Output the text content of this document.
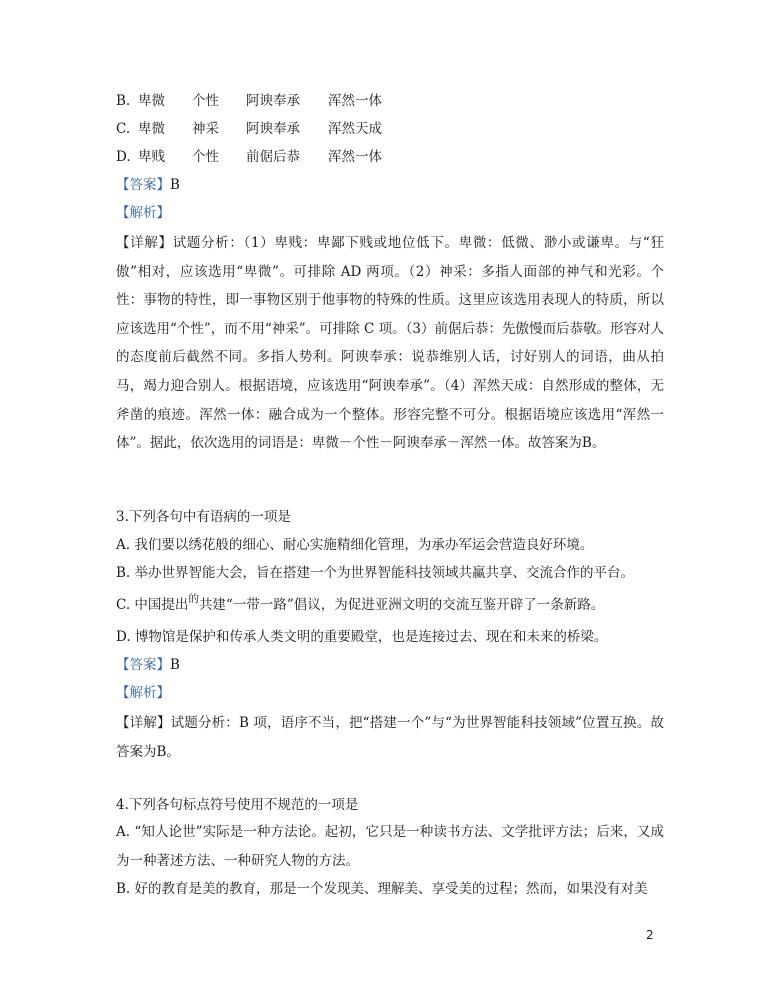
B. 卑微 个性 阿谀奉承 浑然一体
C. 卑微 神采 阿谀奉承 浑然天成
D. 卑贱 个性 前倨后恭 浑然一体
【答案】B
【解析】
【详解】试题分析：（1）卑贱：卑鄙下贱或地位低下。卑微：低微、渺小或谦卑。与“狂傲”相对，应该选用“卑微”。可排除 AD 两项。（2）神采：多指人面部的神气和光彩。个性：事物的特性，即一事物区别于他事物的特殊的性质。这里应该选用表现人的特质，所以应该选用“个性”，而不用“神采”。可排除 C 项。（3）前倨后恭：先傲慢而后恭敬。形容对人的态度前后截然不同。多指人势利。阿谀奉承：说恭维别人话，讨好别人的词语，曲从拍马，竭力迎合别人。根据语境，应该选用“阿谀奉承”。（4）浑然天成：自然形成的整体，无斧凿的痕迹。浑然一体：融合成为一个整体。形容完整不可分。根据语境应该选用“浑然一体”。据此，依次选用的词语是：卑微－个性－阿谀奉承－浑然一体。故答案为B。
3.下列各句中有语病的一项是
A. 我们要以绣花般的细心、耐心实施精细化管理，为承办军运会营造良好环境。
B. 举办世界智能大会，旨在搭建一个为世界智能科技领域共赢共享、交流合作的平台。
C. 中国提出$^的$共建“一带一路”倡议，为促进亚洲文明的交流互鉴开辟了一条新路。
D. 博物馆是保护和传承人类文明的重要殿堂，也是连接过去、现在和未来的桥梁。
【答案】B
【解析】
【详解】试题分析：B 项，语序不当，把“搭建一个”与“为世界智能科技领域”位置互换。故答案为B。
4.下列各句标点符号使用不规范的一项是
A. “知人论世”实际是一种方法论。起初，它只是一种读书方法、文学批评方法；后来，又成为一种著述方法、一种研究人物的方法。
B. 好的教育是美的教育，那是一个发现美、理解美、享受美的过程；然而，如果没有对美
2
